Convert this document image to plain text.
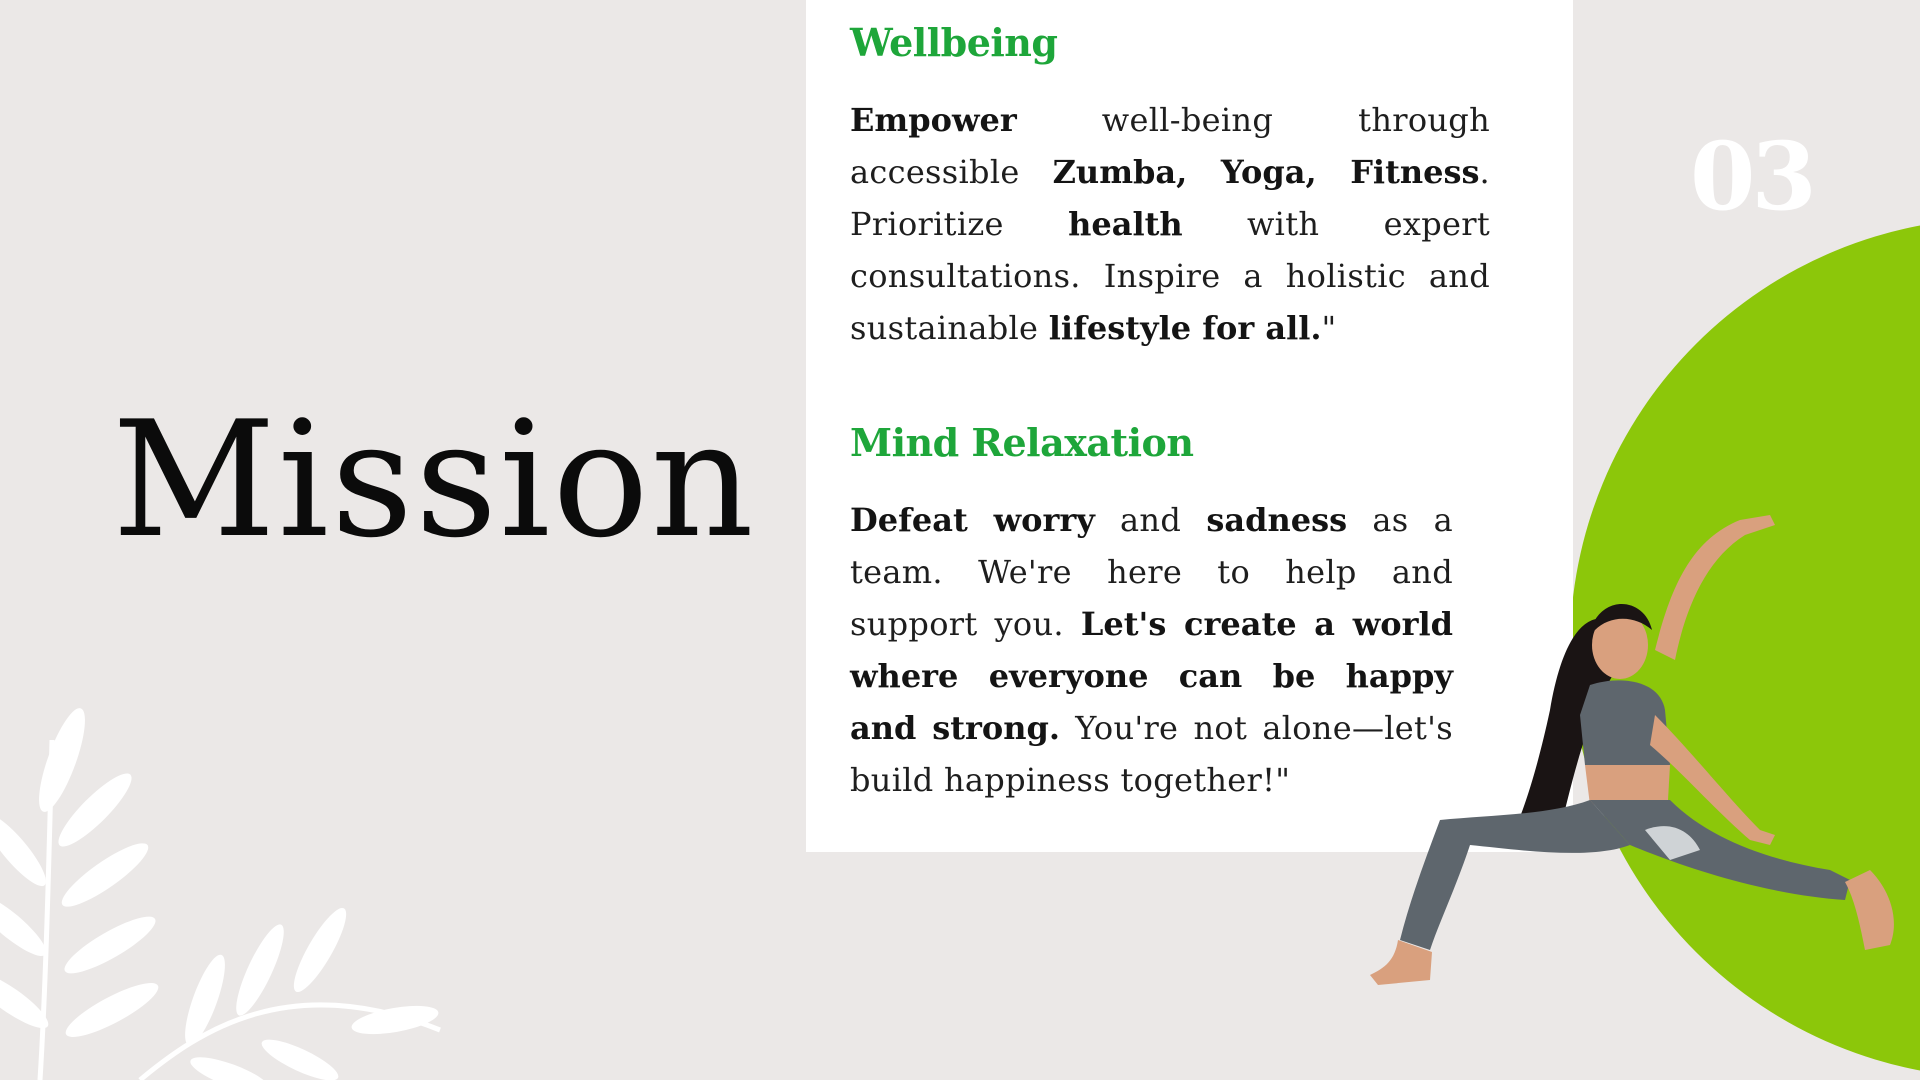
Mission
Wellbeing

Empower well-being through accessible Zumba, Yoga, Fitness. Prioritize health with expert consultations. Inspire a holistic and sustainable lifestyle for all."

Mind Relaxation

Defeat worry and sadness as a team. We're here to help and support you. Let's create a world where everyone can be happy and strong. You're not alone—let's build happiness together!"

03
